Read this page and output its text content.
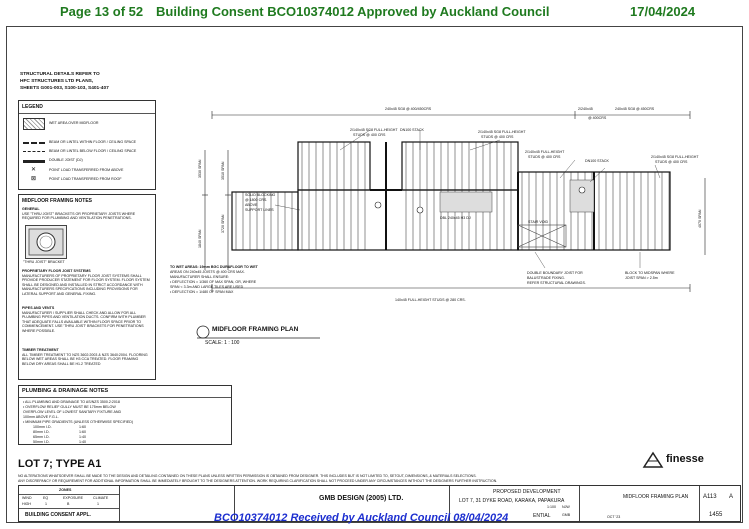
Page 13 of 52 Building Consent BCO10374012 Approved by Auckland Council	17/04/2024
STRUCTURAL DETAILS REFER TO
HFC STRUCTURES LTD PLANS,
SHEETS G001-003, S100-103, S401-407
LEGEND
WET AREA OVER MIDFLOOR
BEAM OR LINTEL WITHIN FLOOR / CEILING SPACE
BEAM OR LINTEL BELOW FLOOR / CEILING SPACE
DOUBLE JOIST (DJ)
✕	POINT LOAD TRANSFERRED FROM ABOVE
⊠	POINT LOAD TRANSFERRED FROM ROOF
MIDFLOOR FRAMING NOTES
GENERAL
USE "THRU JOIST" BRACKETS OR PROPRIETARY JOISTS WHERE REQUIRED FOR PLUMBING AND VENTILATION PENETRATIONS.
"THRU JOIST" BRACKET
PROPRIETARY FLOOR JOIST SYSTEMS
MANUFACTURERS OF PROPRIETARY FLOOR JOIST SYSTEMS SHALL PROVIDE PRODUCER STATEMENT FOR FLOOR SYSTEM. FLOOR SYSTEM SHALL BE DESIGNED AND INSTALLED IN STRICT ACCORDANCE WITH MANUFACTURERS SPECIFICATIONS INCLUDING PROVISIONS FOR LATERAL SUPPORT AND GENERAL FIXING.
PIPES AND VENTS
MANUFACTURER / SUPPLIER SHALL CHECK AND ALLOW FOR ALL PLUMBING PIPES AND VENTILATION DUCTS. CONFIRM WITH PLUMBER THAT ADEQUATE FALLS AVAILABLE WITHIN FLOOR SPACE PRIOR TO COMMENCEMENT. USE 'THRU JOIST' BRACKETS FOR PENETRATIONS WHERE POSSIBLE.
TIMBER TREATMENT
ALL TIMBER TREATMENT TO NZS 3602:2003 & NZS 3640:2004. FLOORING BELOW WET AREAS SHALL BE H3 CCA TREATED. FLOOR FRAMING BELOW DRY AREAS SHALL BE H1.2 TREATED
PLUMBING & DRAINAGE NOTES
• ALL PLUMBING AND DRAINAGE TO AS/NZS 3500.2:2018
• OVERFLOW RELIEF GULLY MUST BE 175mm BELOW
OVERFLOW LEVEL OF LOWEST SANITARY FIXTURE AND
100mm ABOVE F.G.L.
• MINIMUM PIPE GRADIENTS (UNLESS OTHERWISE SPECIFIED)
100mm I.D.	1:60
80mm I.D.	1:60
65mm I.D.	1:40
50mm I.D.	1:40
240x45 SG8 @ 400/450CRS	240x45 SG8 @ 450CRS
2/240x45
@ 400CRS
2/140x45 SG8 FULL-HEIGHT
STUDS @ 400 CRS
DN100 STACK	2/140x45 SG8 FULL-HEIGHT
STUDS @ 400 CRS
2/140x45 FULL-HEIGHT
STUDS @ 400 CRS
DN100 STACK
2/140x45 SG8 FULL-HEIGHT
STUDS @ 400 CRS
SOLID BLOCKING
@ 1800 CRS.
ABOVE
SUPPORT LINES
DBL 240x45 H3 DJ
STAIR VOID
3530 SPAN	3510 SPAN
1840 SPAN
3720 SPAN	4070 SPAN
TO WET AREAS: 19mm BGC DURAFLOOR TO WET
AREAS ON 240x45 JOISTS @ 400 CRS MAX.
MANUFACTURER SHALL ENSURE:
• DEFLECTION = 1/360 OF MAX SPAN, OR, WHERE
SPAN < 3.3m AND LARGE TILES ARE USED
• DEFLECTION = 1/480 OF SPAN MAX
DOUBLE BOUNDARY JOIST FOR
BALUSTRADE FIXING.
REFER STRUCTURAL DRAWINGS.
BLOCK TO MIDSPAN WHERE
JOIST SPAN > 2.5m
140x45 FULL-HEIGHT STUDS @ 280 CRS.
MIDFLOOR FRAMING PLAN
SCALE: 1 : 100
LOT 7; TYPE A1	finesse
NO ALTERATIONS WHATSOEVER SHALL BE MADE TO THE DESIGN AND DETAILING CONTAINED ON THESE PLANS UNLESS WRITTEN PERMISSION IS OBTAINED FROM DESIGNER. THIS INCLUDES BUT IS NOT LIMITED TO, SETOUT, DIMENSIONS, & MATERIALS SELECTIONS.
ANY DISCREPANCY OR REQUIREMENT FOR ADDITIONAL INFORMATION SHALL BE IMMEDIATELY BROUGHT TO THE DESIGNERS ATTENTION. WORK REQUIRING CLARIFICATION SHALL NOT PROCEED UNDER ANY CIRCUMSTANCES WITHOUT THE DESIGNERS FURTHER INSTRUCTION.
ZONES
WIND	EQ	EXPOSURE	CLIMATE
HIGH	1	B	1
BUILDING CONSENT APPL.
GMB DESIGN (2005) LTD.
PROPOSED DEVELOPMENT
LOT 7, 31 DYKE ROAD, KARAKA, PAPAKURA
ENTIAL
NJW
1:100
GMB	OCT '23
MIDFLOOR FRAMING PLAN A113 A
1455
BCO10374012 Received by Auckland Council 08/04/2024
